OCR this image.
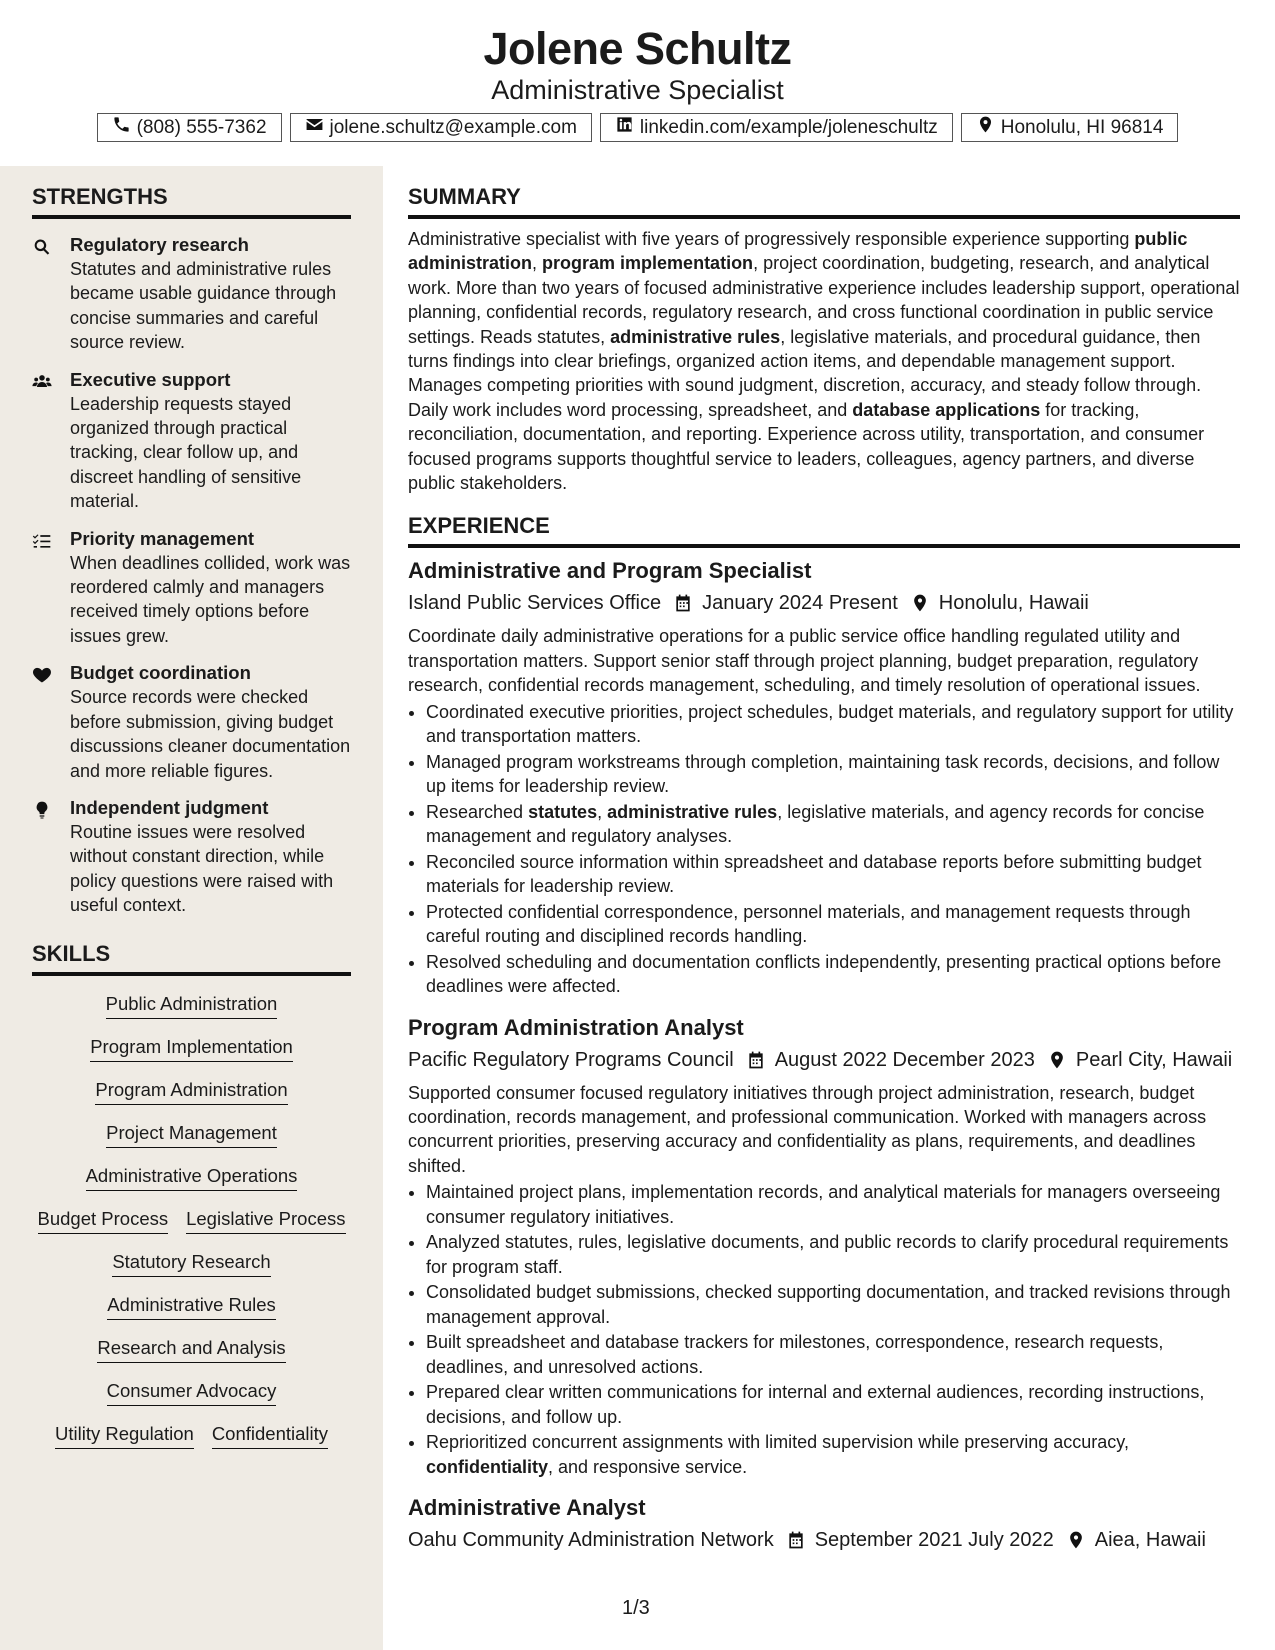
Jolene Schultz
Administrative Specialist
(808) 555-7362	jolene.schultz@example.com	linkedin.com/example/joleneschultz	Honolulu, HI 96814
STRENGTHS
Regulatory research
Statutes and administrative rules became usable guidance through concise summaries and careful source review.
Executive support
Leadership requests stayed organized through practical tracking, clear follow up, and discreet handling of sensitive material.
Priority management
When deadlines collided, work was reordered calmly and managers received timely options before issues grew.
Budget coordination
Source records were checked before submission, giving budget discussions cleaner documentation and more reliable figures.
Independent judgment
Routine issues were resolved without constant direction, while policy questions were raised with useful context.
SKILLS
Public Administration
Program Implementation
Program Administration
Project Management
Administrative Operations
Budget Process Legislative Process
Statutory Research
Administrative Rules
Research and Analysis
Consumer Advocacy
Utility Regulation Confidentiality
SUMMARY
Administrative specialist with five years of progressively responsible experience supporting public administration, program implementation, project coordination, budgeting, research, and analytical work. More than two years of focused administrative experience includes leadership support, operational planning, confidential records, regulatory research, and cross functional coordination in public service settings. Reads statutes, administrative rules, legislative materials, and procedural guidance, then turns findings into clear briefings, organized action items, and dependable management support. Manages competing priorities with sound judgment, discretion, accuracy, and steady follow through. Daily work includes word processing, spreadsheet, and database applications for tracking, reconciliation, documentation, and reporting. Experience across utility, transportation, and consumer focused programs supports thoughtful service to leaders, colleagues, agency partners, and diverse public stakeholders.
EXPERIENCE
Administrative and Program Specialist
Island Public Services Office January 2024 Present Honolulu, Hawaii
Coordinate daily administrative operations for a public service office handling regulated utility and transportation matters. Support senior staff through project planning, budget preparation, regulatory research, confidential records management, scheduling, and timely resolution of operational issues.
• Coordinated executive priorities, project schedules, budget materials, and regulatory support for utility and transportation matters.
• Managed program workstreams through completion, maintaining task records, decisions, and follow up items for leadership review.
• Researched statutes, administrative rules, legislative materials, and agency records for concise management and regulatory analyses.
• Reconciled source information within spreadsheet and database reports before submitting budget materials for leadership review.
• Protected confidential correspondence, personnel materials, and management requests through careful routing and disciplined records handling.
• Resolved scheduling and documentation conflicts independently, presenting practical options before deadlines were affected.
Program Administration Analyst
Pacific Regulatory Programs Council August 2022 December 2023 Pearl City, Hawaii
Supported consumer focused regulatory initiatives through project administration, research, budget coordination, records management, and professional communication. Worked with managers across concurrent priorities, preserving accuracy and confidentiality as plans, requirements, and deadlines shifted.
• Maintained project plans, implementation records, and analytical materials for managers overseeing consumer regulatory initiatives.
• Analyzed statutes, rules, legislative documents, and public records to clarify procedural requirements for program staff.
• Consolidated budget submissions, checked supporting documentation, and tracked revisions through management approval.
• Built spreadsheet and database trackers for milestones, correspondence, research requests, deadlines, and unresolved actions.
• Prepared clear written communications for internal and external audiences, recording instructions, decisions, and follow up.
• Reprioritized concurrent assignments with limited supervision while preserving accuracy, confidentiality, and responsive service.
Administrative Analyst
Oahu Community Administration Network September 2021 July 2022 Aiea, Hawaii
1/3
